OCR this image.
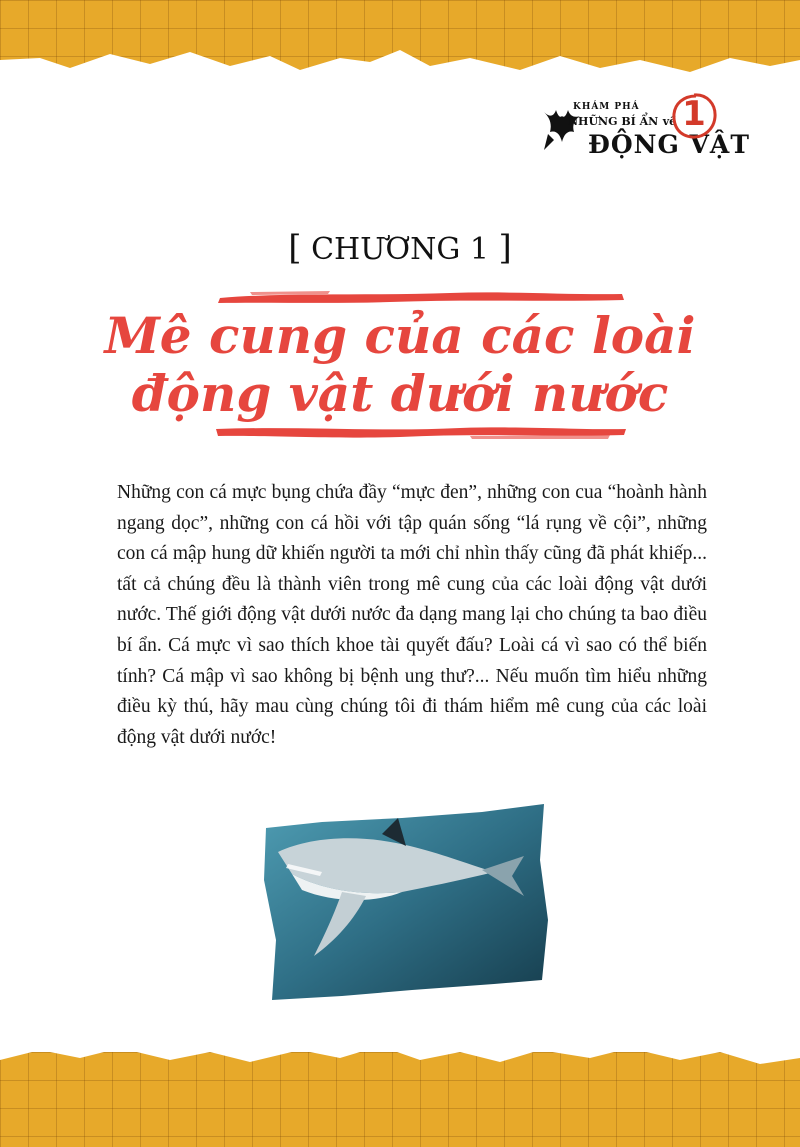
KHÁM PHÁ
NHỮNG BÍ ẨN về
ĐỘNG VẬT
1
[ CHƯƠNG 1 ]
Mê cung của các loài
động vật dưới nước

Những con cá mực bụng chứa đầy “mực đen”, những con cua “hoành hành ngang dọc”, những con cá hồi với tập quán sống “lá rụng về cội”, những con cá mập hung dữ khiến người ta mới chỉ nhìn thấy cũng đã phát khiếp... tất cả chúng đều là thành viên trong mê cung của các loài động vật dưới nước. Thế giới động vật dưới nước đa dạng mang lại cho chúng ta bao điều bí ẩn. Cá mực vì sao thích khoe tài quyết đấu? Loài cá vì sao có thể biến tính? Cá mập vì sao không bị bệnh ung thư?... Nếu muốn tìm hiểu những điều kỳ thú, hãy mau cùng chúng tôi đi thám hiểm mê cung của các loài động vật dưới nước!
